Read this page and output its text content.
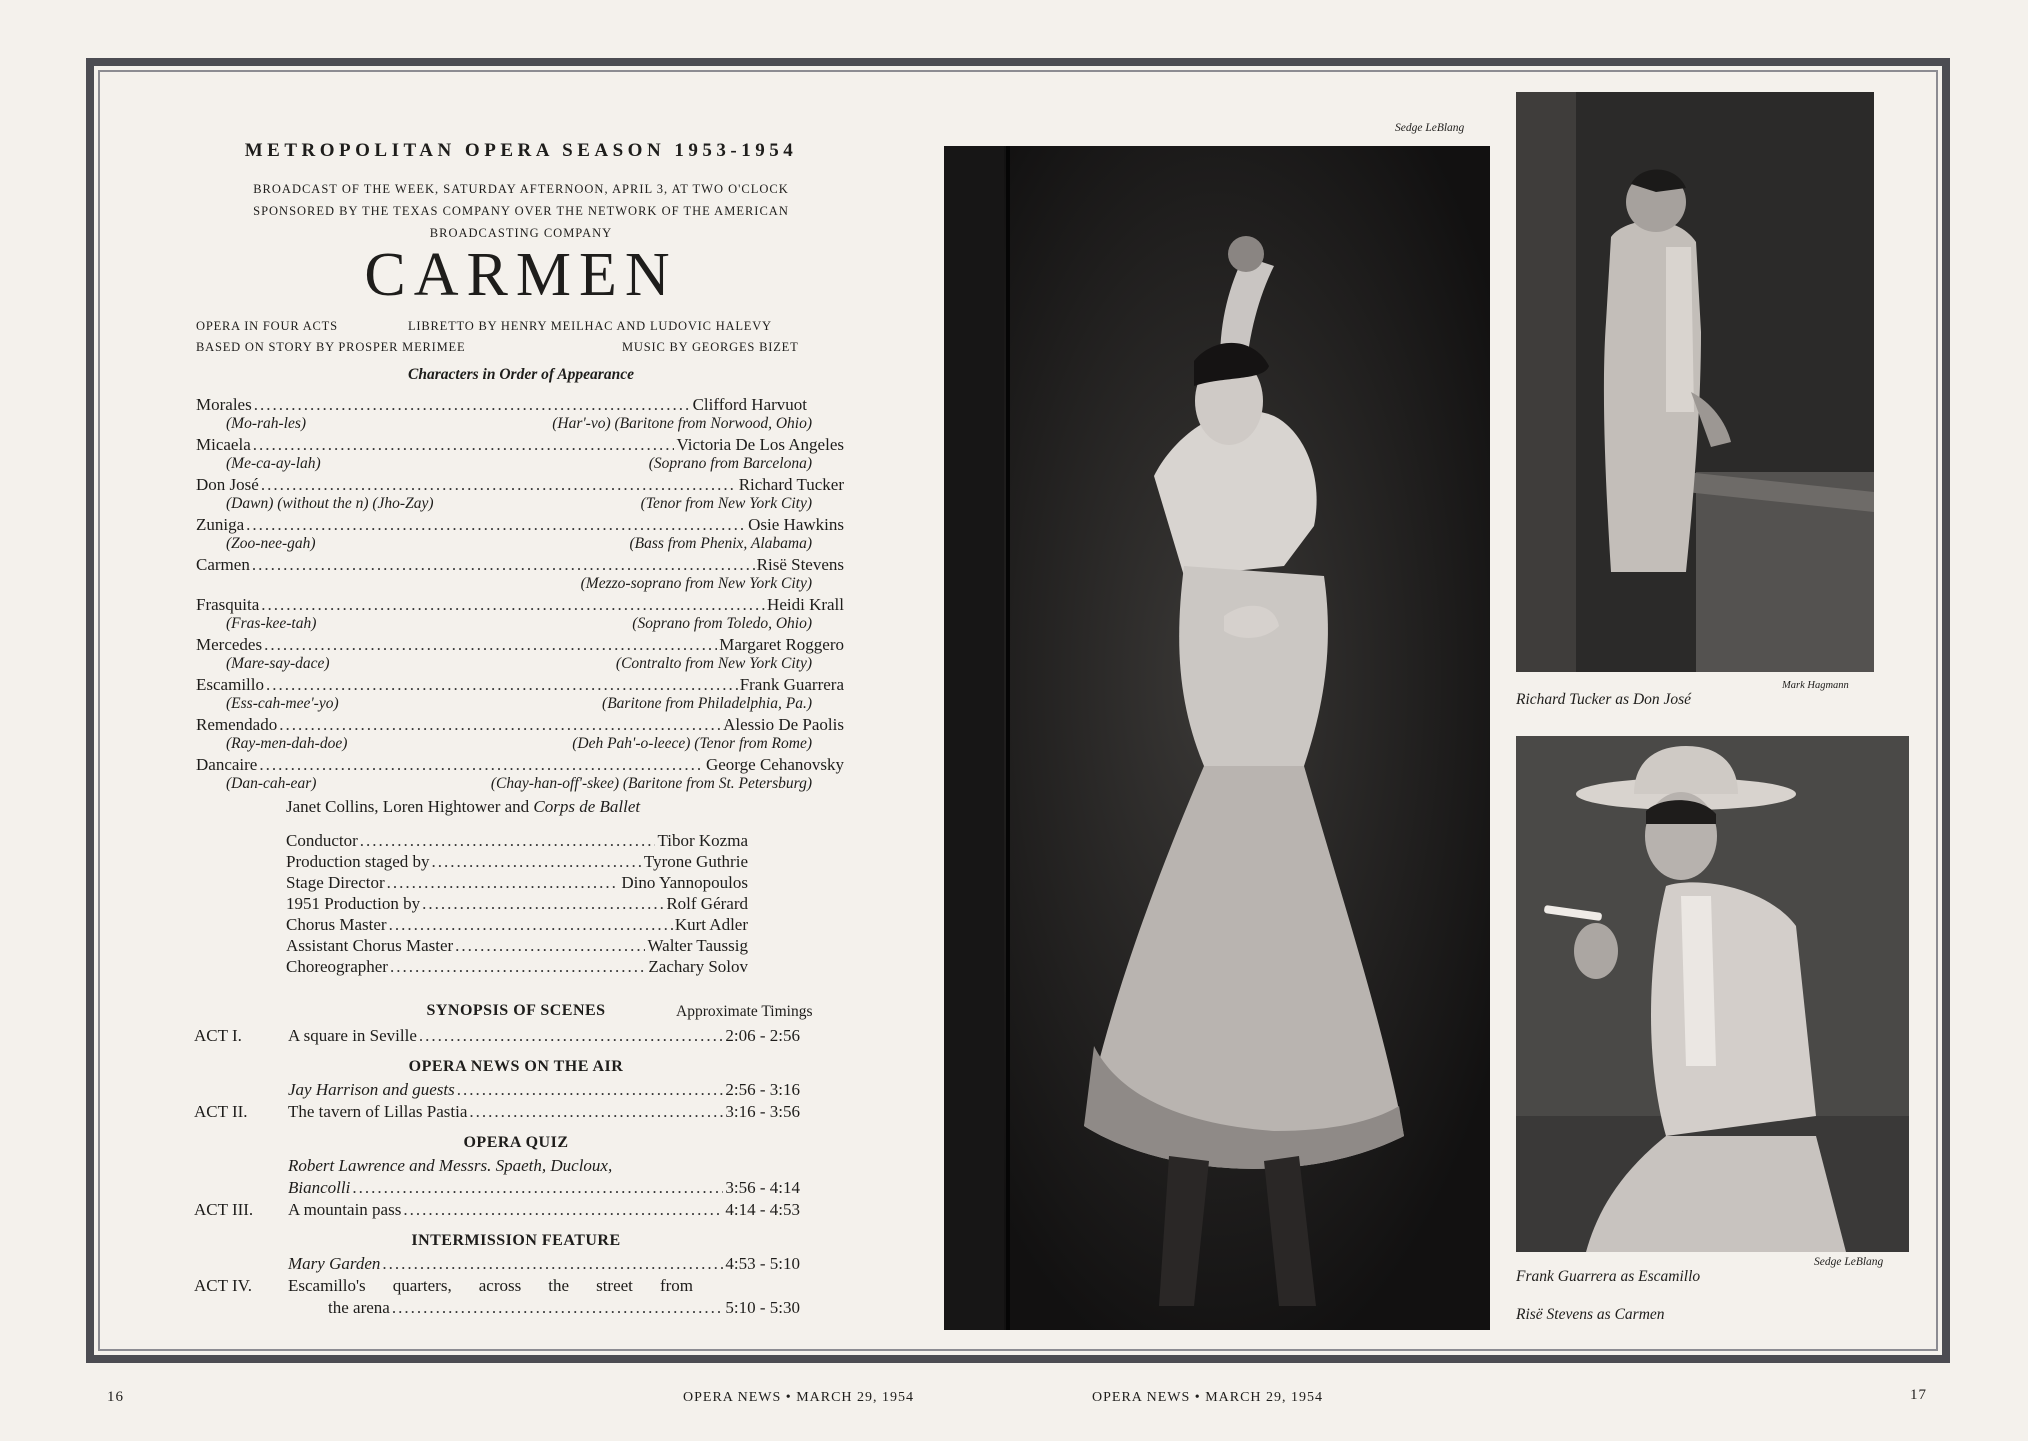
METROPOLITAN OPERA SEASON 1953-1954
BROADCAST OF THE WEEK, SATURDAY AFTERNOON, APRIL 3, AT TWO O'CLOCK
SPONSORED BY THE TEXAS COMPANY OVER THE NETWORK OF THE AMERICAN
BROADCASTING COMPANY
CARMEN
OPERA IN FOUR ACTS	LIBRETTO BY HENRY MEILHAC AND LUDOVIC HALEVY
BASED ON STORY BY PROSPER MERIMEE	MUSIC BY GEORGES BIZET
Characters in Order of Appearance
Morales .....	Clifford Harvuot
(Mo-rah-les)	(Har'-vo) (Baritone from Norwood, Ohio)
Micaela .....	Victoria De Los Angeles
(Me-ca-ay-lah)	(Soprano from Barcelona)
Don José .....	Richard Tucker
(Dawn) (without the n) (Jho-Zay)	(Tenor from New York City)
Zuniga .....	Osie Hawkins
(Zoo-nee-gah)	(Bass from Phenix, Alabama)
Carmen .....	Risë Stevens
(Mezzo-soprano from New York City)
Frasquita .....	Heidi Krall
(Fras-kee-tah)	(Soprano from Toledo, Ohio)
Mercedes .....	Margaret Roggero
(Mare-say-dace)	(Contralto from New York City)
Escamillo .....	Frank Guarrera
(Ess-cah-mee'-yo)	(Baritone from Philadelphia, Pa.)
Remendado .....	Alessio De Paolis
(Ray-men-dah-doe)	(Deh Pah'-o-leece) (Tenor from Rome)
Dancaire .....	George Cehanovsky
(Dan-cah-ear)	(Chay-han-off'-skee) (Baritone from St. Petersburg)
Janet Collins, Loren Hightower and Corps de Ballet
Conductor .....	Tibor Kozma
Production staged by .....	Tyrone Guthrie
Stage Director .....	Dino Yannopoulos
1951 Production by .....	Rolf Gérard
Chorus Master .....	Kurt Adler
Assistant Chorus Master .....	Walter Taussig
Choreographer .....	Zachary Solov
SYNOPSIS OF SCENES	Approximate Timings
ACT I.	A square in Seville .....	2:06 - 2:56
OPERA NEWS ON THE AIR
Jay Harrison and guests .....	2:56 - 3:16
ACT II. The tavern of Lillas Pastia .....	3:16 - 3:56
OPERA QUIZ
Robert Lawrence and Messrs. Spaeth, Ducloux,
Biancolli .....	3:56 - 4:14
ACT III. A mountain pass .....	4:14 - 4:53
INTERMISSION FEATURE
Mary Garden .....	4:53 - 5:10
ACT IV. Escamillo's quarters, across the street from
the arena .....	5:10 - 5:30
Sedge LeBlang
Richard Tucker as Don José
Mark Hagmann
Frank Guarrera as Escamillo
Sedge LeBlang
Risë Stevens as Carmen
16	OPERA NEWS • MARCH 29, 1954	OPERA NEWS • MARCH 29, 1954	17
